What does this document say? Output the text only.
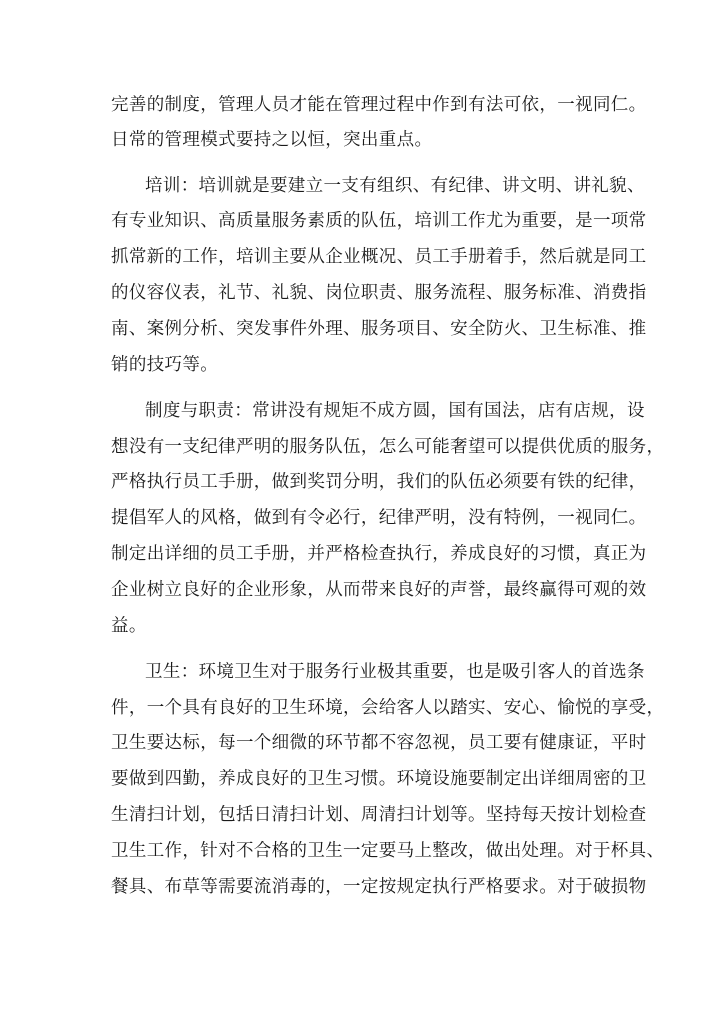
完善的制度，管理人员才能在管理过程中作到有法可依，一视同仁。
日常的管理模式要持之以恒，突出重点。
培训：培训就是要建立一支有组织、有纪律、讲文明、讲礼貌、
有专业知识、高质量服务素质的队伍，培训工作尤为重要，是一项常
抓常新的工作，培训主要从企业概况、员工手册着手，然后就是同工
的仪容仪表，礼节、礼貌、岗位职责、服务流程、服务标准、消费指
南、案例分析、突发事件外理、服务项目、安全防火、卫生标准、推
销的技巧等。
制度与职责：常讲没有规矩不成方圆，国有国法，店有店规，设
想没有一支纪律严明的服务队伍，怎么可能奢望可以提供优质的服务，
严格执行员工手册，做到奖罚分明，我们的队伍必须要有铁的纪律，
提倡军人的风格，做到有令必行，纪律严明，没有特例，一视同仁。
制定出详细的员工手册，并严格检查执行，养成良好的习惯，真正为
企业树立良好的企业形象，从而带来良好的声誉，最终赢得可观的效
益。
卫生：环境卫生对于服务行业极其重要，也是吸引客人的首选条
件，一个具有良好的卫生环境，会给客人以踏实、安心、愉悦的享受，
卫生要达标，每一个细微的环节都不容忽视，员工要有健康证，平时
要做到四勤，养成良好的卫生习惯。环境设施要制定出详细周密的卫
生清扫计划，包括日清扫计划、周清扫计划等。坚持每天按计划检查
卫生工作，针对不合格的卫生一定要马上整改，做出处理。对于杯具、
餐具、布草等需要流消毒的，一定按规定执行严格要求。对于破损物
